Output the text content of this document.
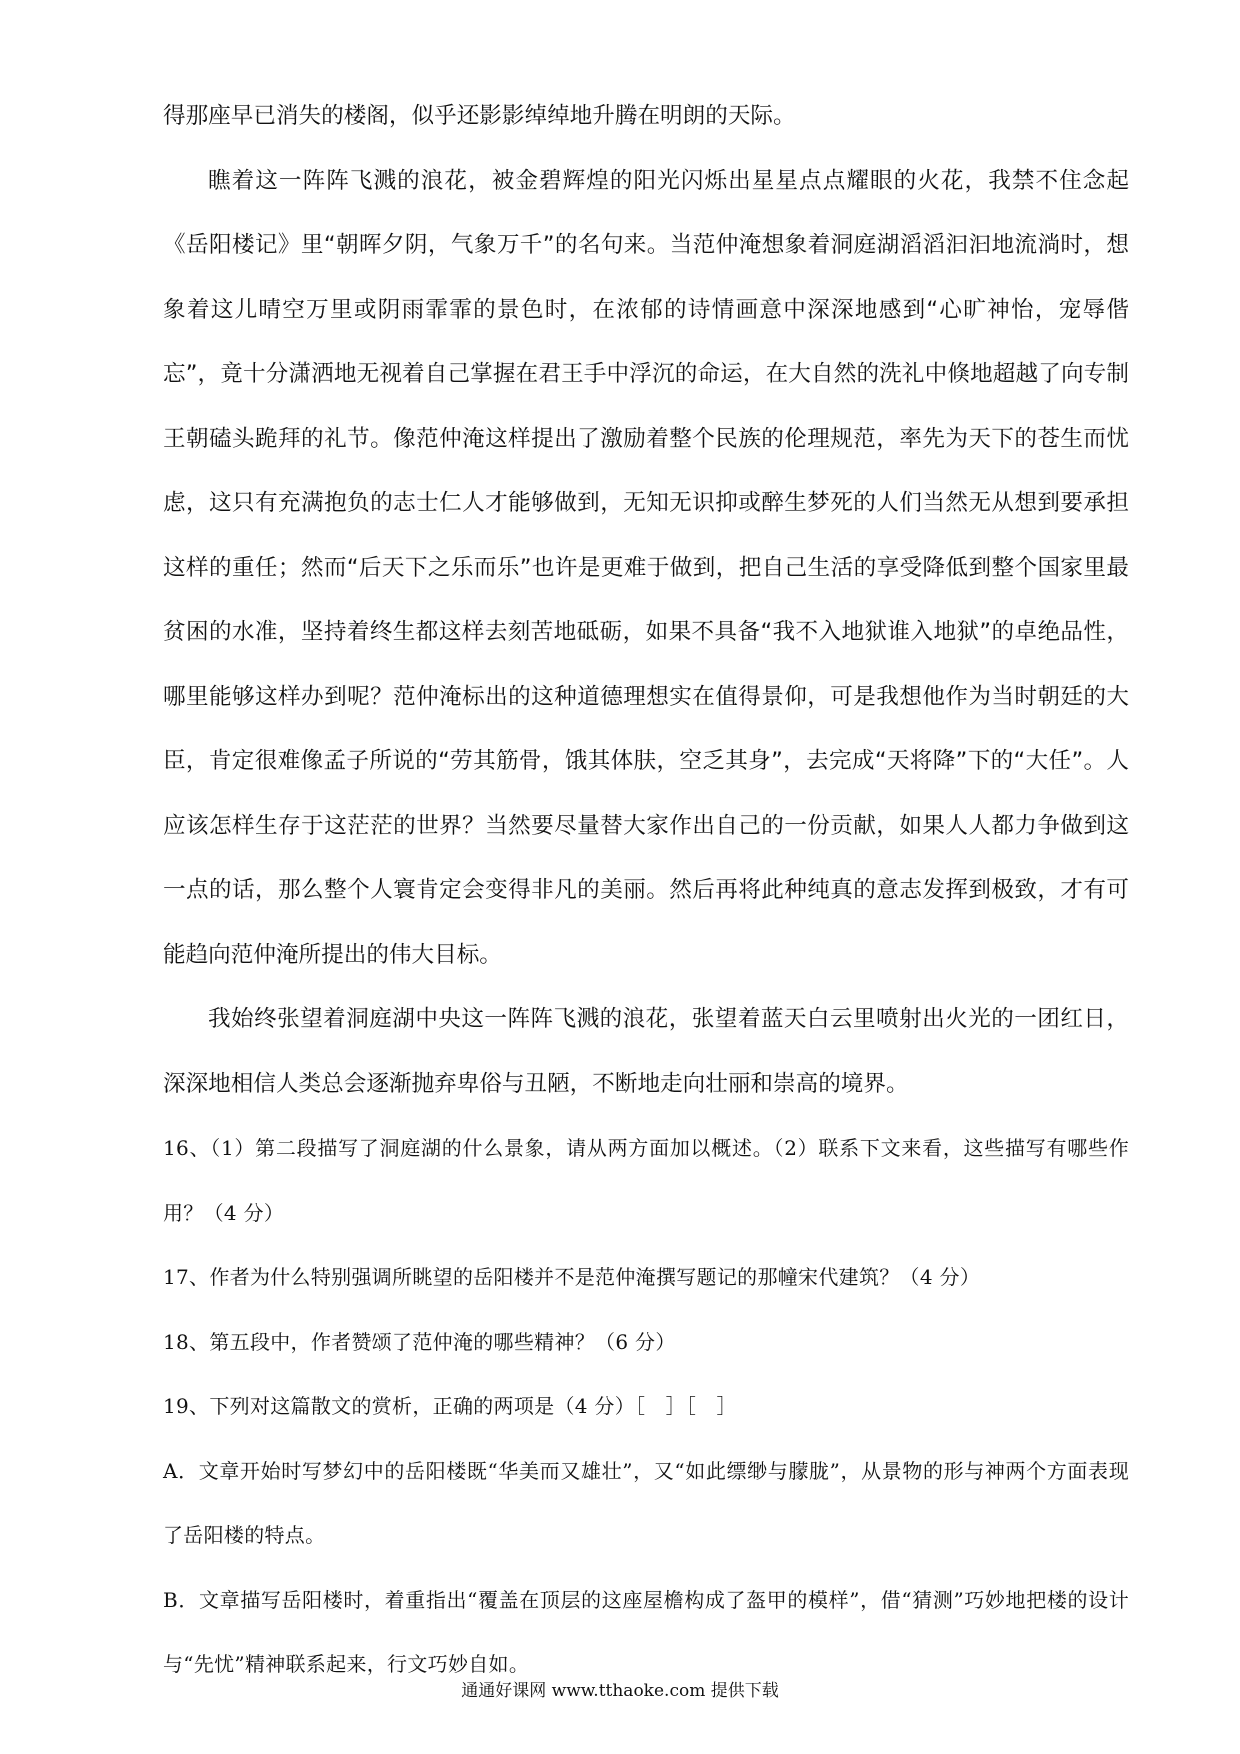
得那座早已消失的楼阁，似乎还影影绰绰地升腾在明朗的天际。

瞧着这一阵阵飞溅的浪花，被金碧辉煌的阳光闪烁出星星点点耀眼的火花，我禁不住念起《岳阳楼记》里“朝晖夕阴，气象万千”的名句来。当范仲淹想象着洞庭湖滔滔汩汩地流淌时，想象着这儿晴空万里或阴雨霏霏的景色时，在浓郁的诗情画意中深深地感到“心旷神怡，宠辱偕忘”，竟十分潇洒地无视着自己掌握在君王手中浮沉的命运，在大自然的洗礼中倏地超越了向专制王朝磕头跪拜的礼节。像范仲淹这样提出了激励着整个民族的伦理规范，率先为天下的苍生而忧虑，这只有充满抱负的志士仁人才能够做到，无知无识抑或醉生梦死的人们当然无从想到要承担这样的重任；然而“后天下之乐而乐”也许是更难于做到，把自己生活的享受降低到整个国家里最贫困的水准，坚持着终生都这样去刻苦地砥砺，如果不具备“我不入地狱谁入地狱”的卓绝品性，哪里能够这样办到呢？范仲淹标出的这种道德理想实在值得景仰，可是我想他作为当时朝廷的大臣，肯定很难像孟子所说的“劳其筋骨，饿其体肤，空乏其身”，去完成“天将降”下的“大任”。人应该怎样生存于这茫茫的世界？当然要尽量替大家作出自己的一份贡献，如果人人都力争做到这一点的话，那么整个人寰肯定会变得非凡的美丽。然后再将此种纯真的意志发挥到极致，才有可能趋向范仲淹所提出的伟大目标。

我始终张望着洞庭湖中央这一阵阵飞溅的浪花，张望着蓝天白云里喷射出火光的一团红日，深深地相信人类总会逐渐抛弃卑俗与丑陋，不断地走向壮丽和崇高的境界。

16、（1）第二段描写了洞庭湖的什么景象，请从两方面加以概述。（2）联系下文来看，这些描写有哪些作用？（4 分）

17、作者为什么特别强调所眺望的岳阳楼并不是范仲淹撰写题记的那幢宋代建筑？（4 分）

18、第五段中，作者赞颂了范仲淹的哪些精神？（6 分）

19、下列对这篇散文的赏析，正确的两项是（4 分）［　］［　］

A．文章开始时写梦幻中的岳阳楼既“华美而又雄壮”，又“如此缥缈与朦胧”，从景物的形与神两个方面表现了岳阳楼的特点。

B．文章描写岳阳楼时，着重指出“覆盖在顶层的这座屋檐构成了盔甲的模样”，借“猜测”巧妙地把楼的设计与“先忧”精神联系起来，行文巧妙自如。

通通好课网 www.tthaoke.com 提供下载
